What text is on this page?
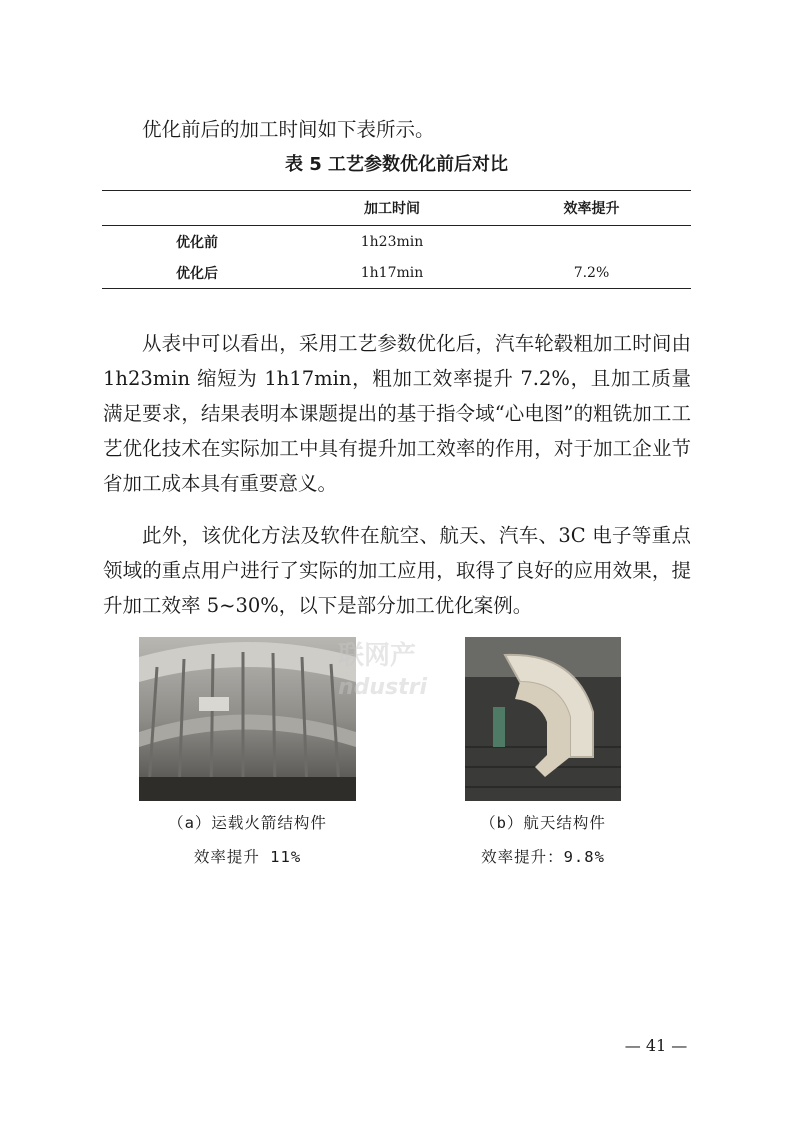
优化前后的加工时间如下表所示。

表 5 工艺参数优化前后对比
	加工时间	效率提升
优化前	1h23min	
优化后	1h17min	7.2%

从表中可以看出，采用工艺参数优化后，汽车轮毂粗加工时间由 1h23min 缩短为 1h17min，粗加工效率提升 7.2%，且加工质量满足要求，结果表明本课题提出的基于指令域“心电图”的粗铣加工工艺优化技术在实际加工中具有提升加工效率的作用，对于加工企业节省加工成本具有重要意义。

此外，该优化方法及软件在航空、航天、汽车、3C 电子等重点领域的重点用户进行了实际的加工应用，取得了良好的应用效果，提升加工效率 5~30%，以下是部分加工优化案例。

联网产
ndustri
（a）运载火箭结构件
效率提升 11%
（b）航天结构件
效率提升：9.8%
— 41 —
